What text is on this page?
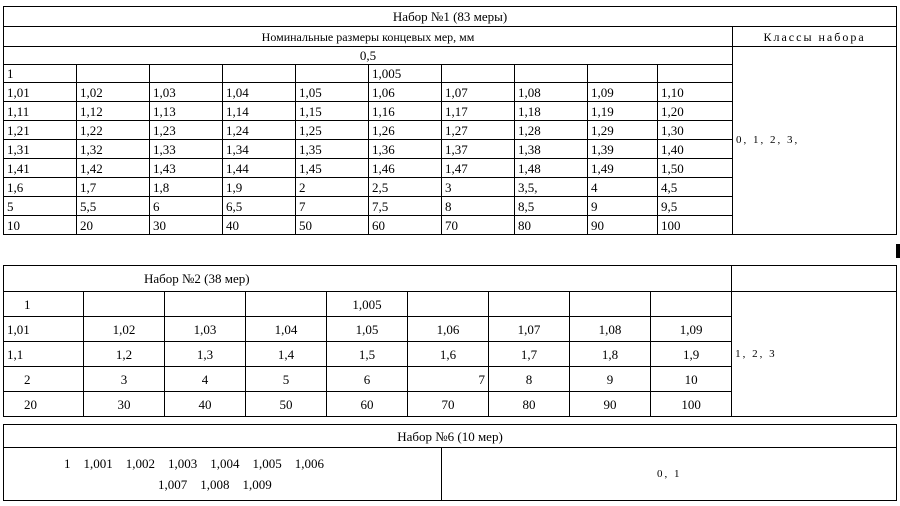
Набор №1 (83 меры)										
Номинальные размеры концевых мер, мм										Классы набора
0,5										0, 1, 2, 3,
1					1,005					
1,01	1,02	1,03	1,04	1,05	1,06	1,07	1,08	1,09	1,10	
1,11	1,12	1,13	1,14	1,15	1,16	1,17	1,18	1,19	1,20	
1,21	1,22	1,23	1,24	1,25	1,26	1,27	1,28	1,29	1,30	
1,31	1,32	1,33	1,34	1,35	1,36	1,37	1,38	1,39	1,40	
1,41	1,42	1,43	1,44	1,45	1,46	1,47	1,48	1,49	1,50	
1,6	1,7	1,8	1,9	2	2,5	3	3,5,	4	4,5	
5	5,5	6	6,5	7	7,5	8	8,5	9	9,5	
10	20	30	40	50	60	70	80	90	100	
Набор №2 (38 мер)									
1				1,005					1, 2, 3
1,01	1,02	1,03	1,04	1,05	1,06	1,07	1,08	1,09	
1,1	1,2	1,3	1,4	1,5	1,6	1,7	1,8	1,9	
2	3	4	5	6	7	8	9	10	
20	30	40	50	60	70	80	90	100	
Набор №6 (10 мер)

1    1,001    1,002    1,003    1,004    1,005    1,006
1,007    1,008    1,009
	0, 1
